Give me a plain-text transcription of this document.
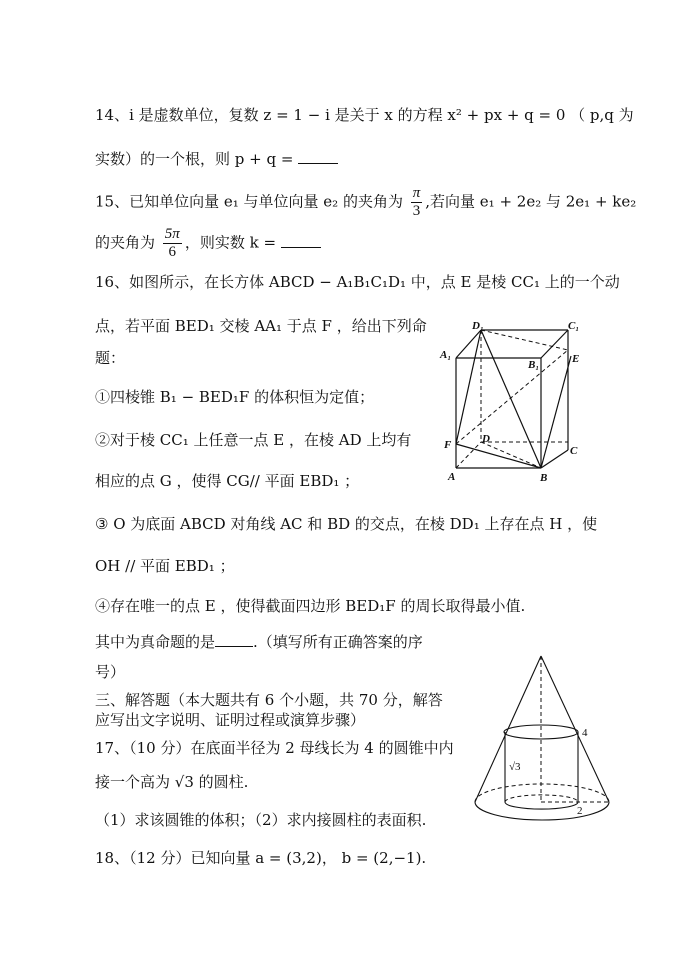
14、i 是虚数单位，复数 z = 1 − i 是关于 x 的方程 x² + px + q = 0 （ p,q 为
实数）的一个根，则 p + q =
15、已知单位向量 e₁ 与单位向量 e₂ 的夹角为 $\frac{\pi}{3}$ ,若向量 e₁ + 2e₂ 与 2e₁ + ke₂
的夹角为 $\frac{5\pi}{6}$ ，则实数 k =
16、如图所示，在长方体 ABCD − A₁B₁C₁D₁ 中，点 E 是棱 CC₁ 上的一个动
点，若平面 BED₁ 交棱 AA₁ 于点 F ，给出下列命
题：
①四棱锥 B₁ − BED₁F 的体积恒为定值；
②对于棱 CC₁ 上任意一点 E ，在棱 AD 上均有
相应的点 G ，使得 CG// 平面 EBD₁ ；
③ O 为底面 ABCD 对角线 AC 和 BD 的交点，在棱 DD₁ 上存在点 H ，使
OH // 平面 EBD₁ ；
④存在唯一的点 E ，使得截面四边形 BED₁F 的周长取得最小值.
其中为真命题的是	.（填写所有正确答案的序
号）
三、解答题（本大题共有 6 个小题，共 70 分，解答
应写出文字说明、证明过程或演算步骤）
17、（10 分）在底面半径为 2 母线长为 4 的圆锥中内
接一个高为 √3 的圆柱.
（1）求该圆锥的体积；（2）求内接圆柱的表面积.
18、（12 分）已知向量 a = (3,2)， b = (2,−1).
D₁	C₁
A₁
B₁	E
F	D
C
A	B
4
√3
2
